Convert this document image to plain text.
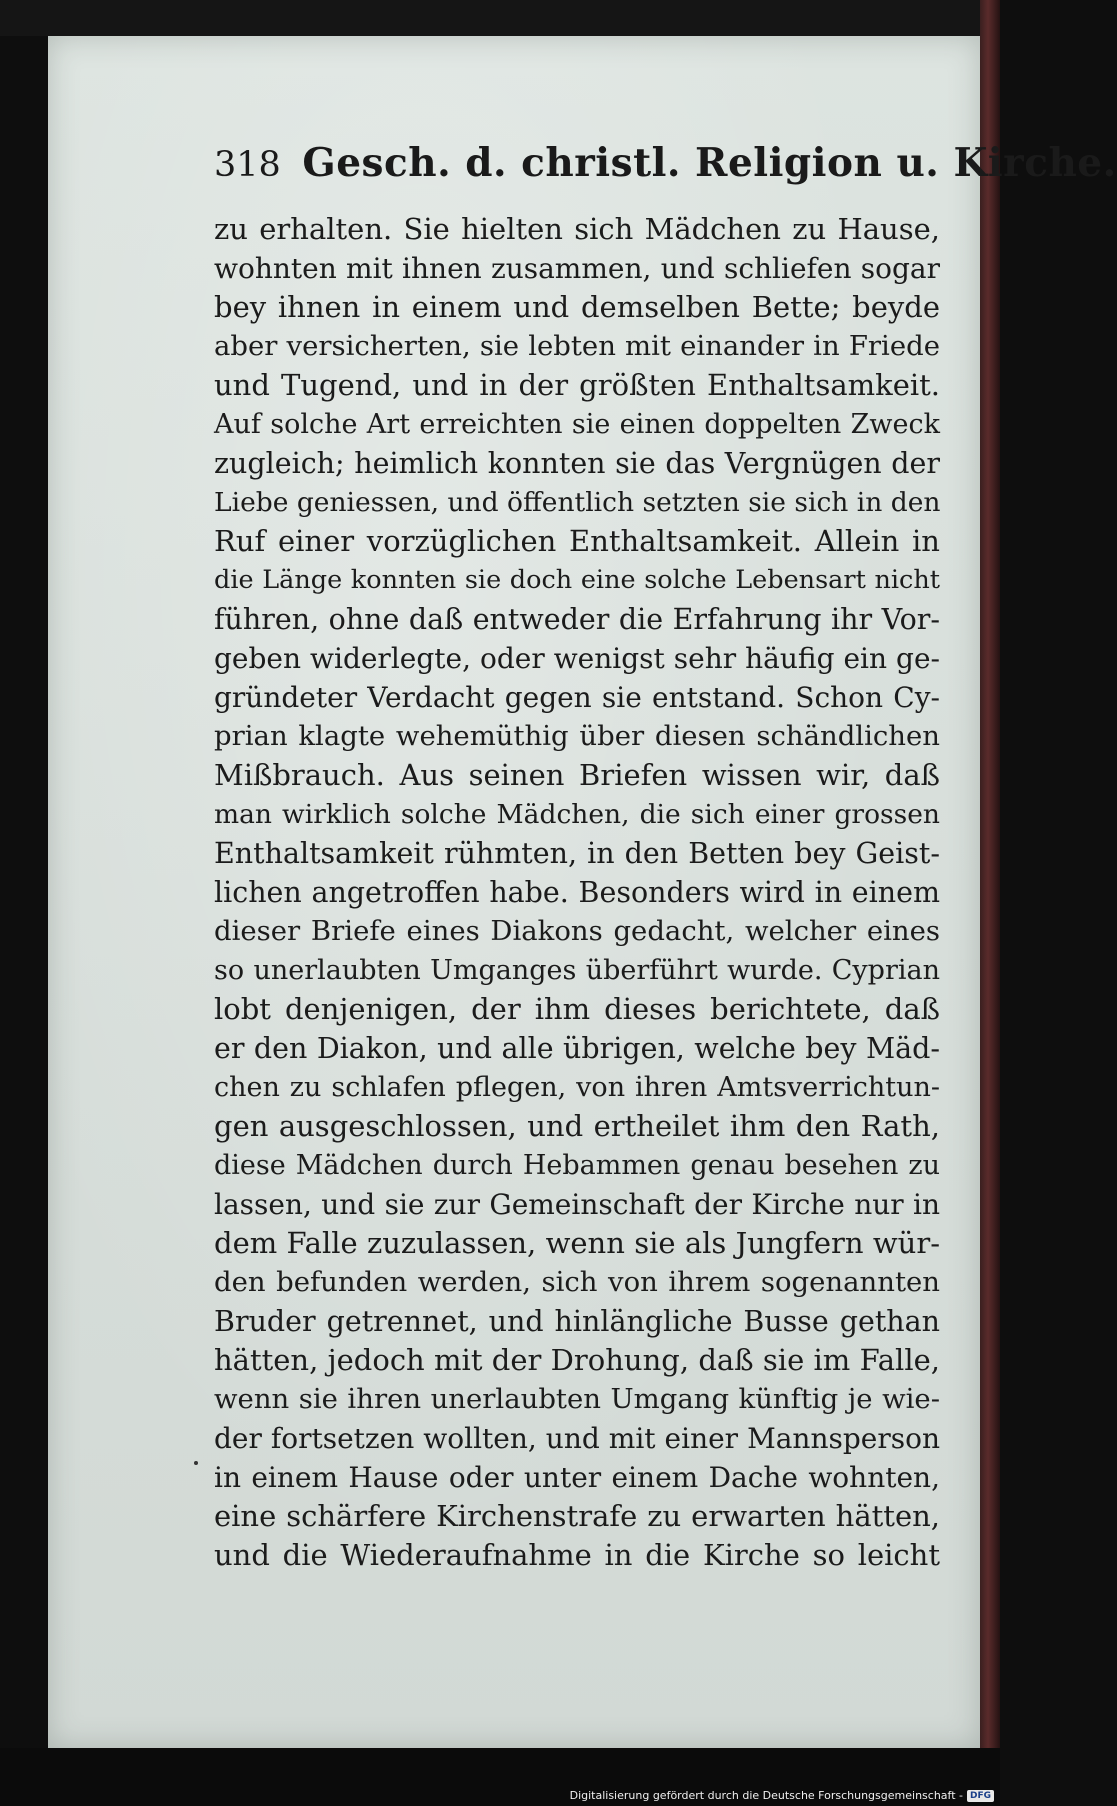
318 Gesch. d. christl. Religion u. Kirche.
zu erhalten. Sie hielten sich Mädchen zu Hause,
wohnten mit ihnen zusammen, und schliefen sogar
bey ihnen in einem und demselben Bette; beyde
aber versicherten, sie lebten mit einander in Friede
und Tugend, und in der größten Enthaltsamkeit.
Auf solche Art erreichten sie einen doppelten Zweck
zugleich; heimlich konnten sie das Vergnügen der
Liebe geniessen, und öffentlich setzten sie sich in den
Ruf einer vorzüglichen Enthaltsamkeit. Allein in
die Länge konnten sie doch eine solche Lebensart nicht
führen, ohne daß entweder die Erfahrung ihr Vor-
geben widerlegte, oder wenigst sehr häufig ein ge-
gründeter Verdacht gegen sie entstand. Schon Cy-
prian klagte wehemüthig über diesen schändlichen
Mißbrauch. Aus seinen Briefen wissen wir, daß
man wirklich solche Mädchen, die sich einer grossen
Enthaltsamkeit rühmten, in den Betten bey Geist-
lichen angetroffen habe. Besonders wird in einem
dieser Briefe eines Diakons gedacht, welcher eines
so unerlaubten Umganges überführt wurde. Cyprian
lobt denjenigen, der ihm dieses berichtete, daß
er den Diakon, und alle übrigen, welche bey Mäd-
chen zu schlafen pflegen, von ihren Amtsverrichtun-
gen ausgeschlossen, und ertheilet ihm den Rath,
diese Mädchen durch Hebammen genau besehen zu
lassen, und sie zur Gemeinschaft der Kirche nur in
dem Falle zuzulassen, wenn sie als Jungfern wür-
den befunden werden, sich von ihrem sogenannten
Bruder getrennet, und hinlängliche Busse gethan
hätten, jedoch mit der Drohung, daß sie im Falle,
wenn sie ihren unerlaubten Umgang künftig je wie-
der fortsetzen wollten, und mit einer Mannsperson
in einem Hause oder unter einem Dache wohnten,
eine schärfere Kirchenstrafe zu erwarten hätten,
und die Wiederaufnahme in die Kirche so leicht
Digitalisierung gefördert durch die Deutsche Forschungsgemeinschaft - DFG
